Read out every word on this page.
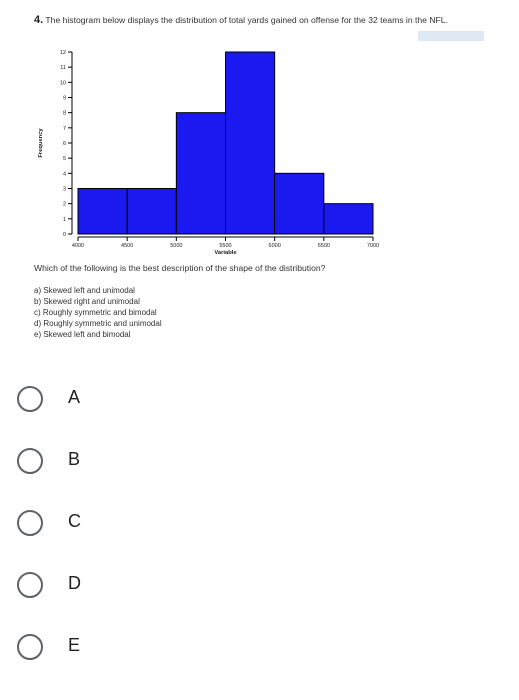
4. The histogram below displays the distribution of total yards gained on offense for the 32 teams in the NFL.
0
1
2
3
4
5
6
7
8
9
10
11
12
4000	4500	5000	5500	6000	6500	7000
Variable
Frequency
Which of the following is the best description of the shape of the distribution?
a) Skewed left and unimodal
b) Skewed right and unimodal
c) Roughly symmetric and bimodal
d) Roughly symmetric and unimodal
e) Skewed left and bimodal
A
B
C
D
E
